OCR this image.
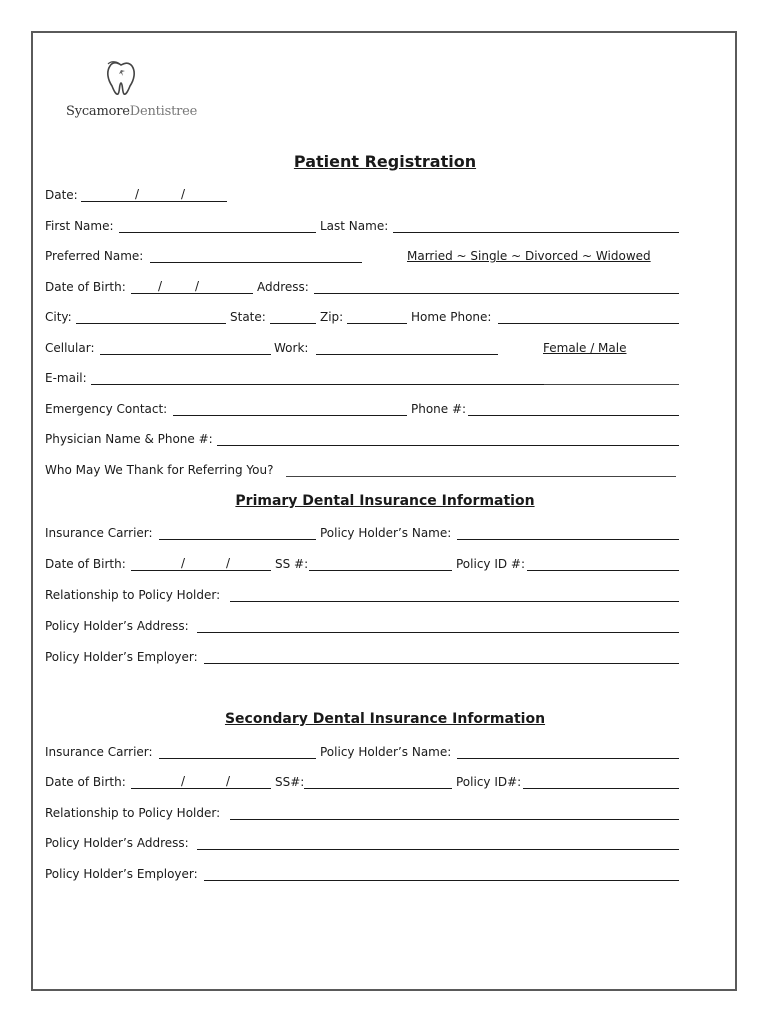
SycamoreDentistree
Patient Registration
Date:	/	/
First Name:	Last Name:
Preferred Name:	Married ~ Single ~ Divorced ~ Widowed
Date of Birth:	/	/	Address:
City:	State:	Zip:	Home Phone:
Cellular:	Work:	Female / Male
E-mail:
Emergency Contact:	Phone #:
Physician Name & Phone #:
Who May We Thank for Referring You?
Primary Dental Insurance Information
Insurance Carrier:	Policy Holder’s Name:
Date of Birth:	/	/	SS #:	Policy ID #:
Relationship to Policy Holder:
Policy Holder’s Address:
Policy Holder’s Employer:
Secondary Dental Insurance Information
Insurance Carrier:	Policy Holder’s Name:
Date of Birth:	/	/	SS#:	Policy ID#:
Relationship to Policy Holder:
Policy Holder’s Address:
Policy Holder’s Employer:
